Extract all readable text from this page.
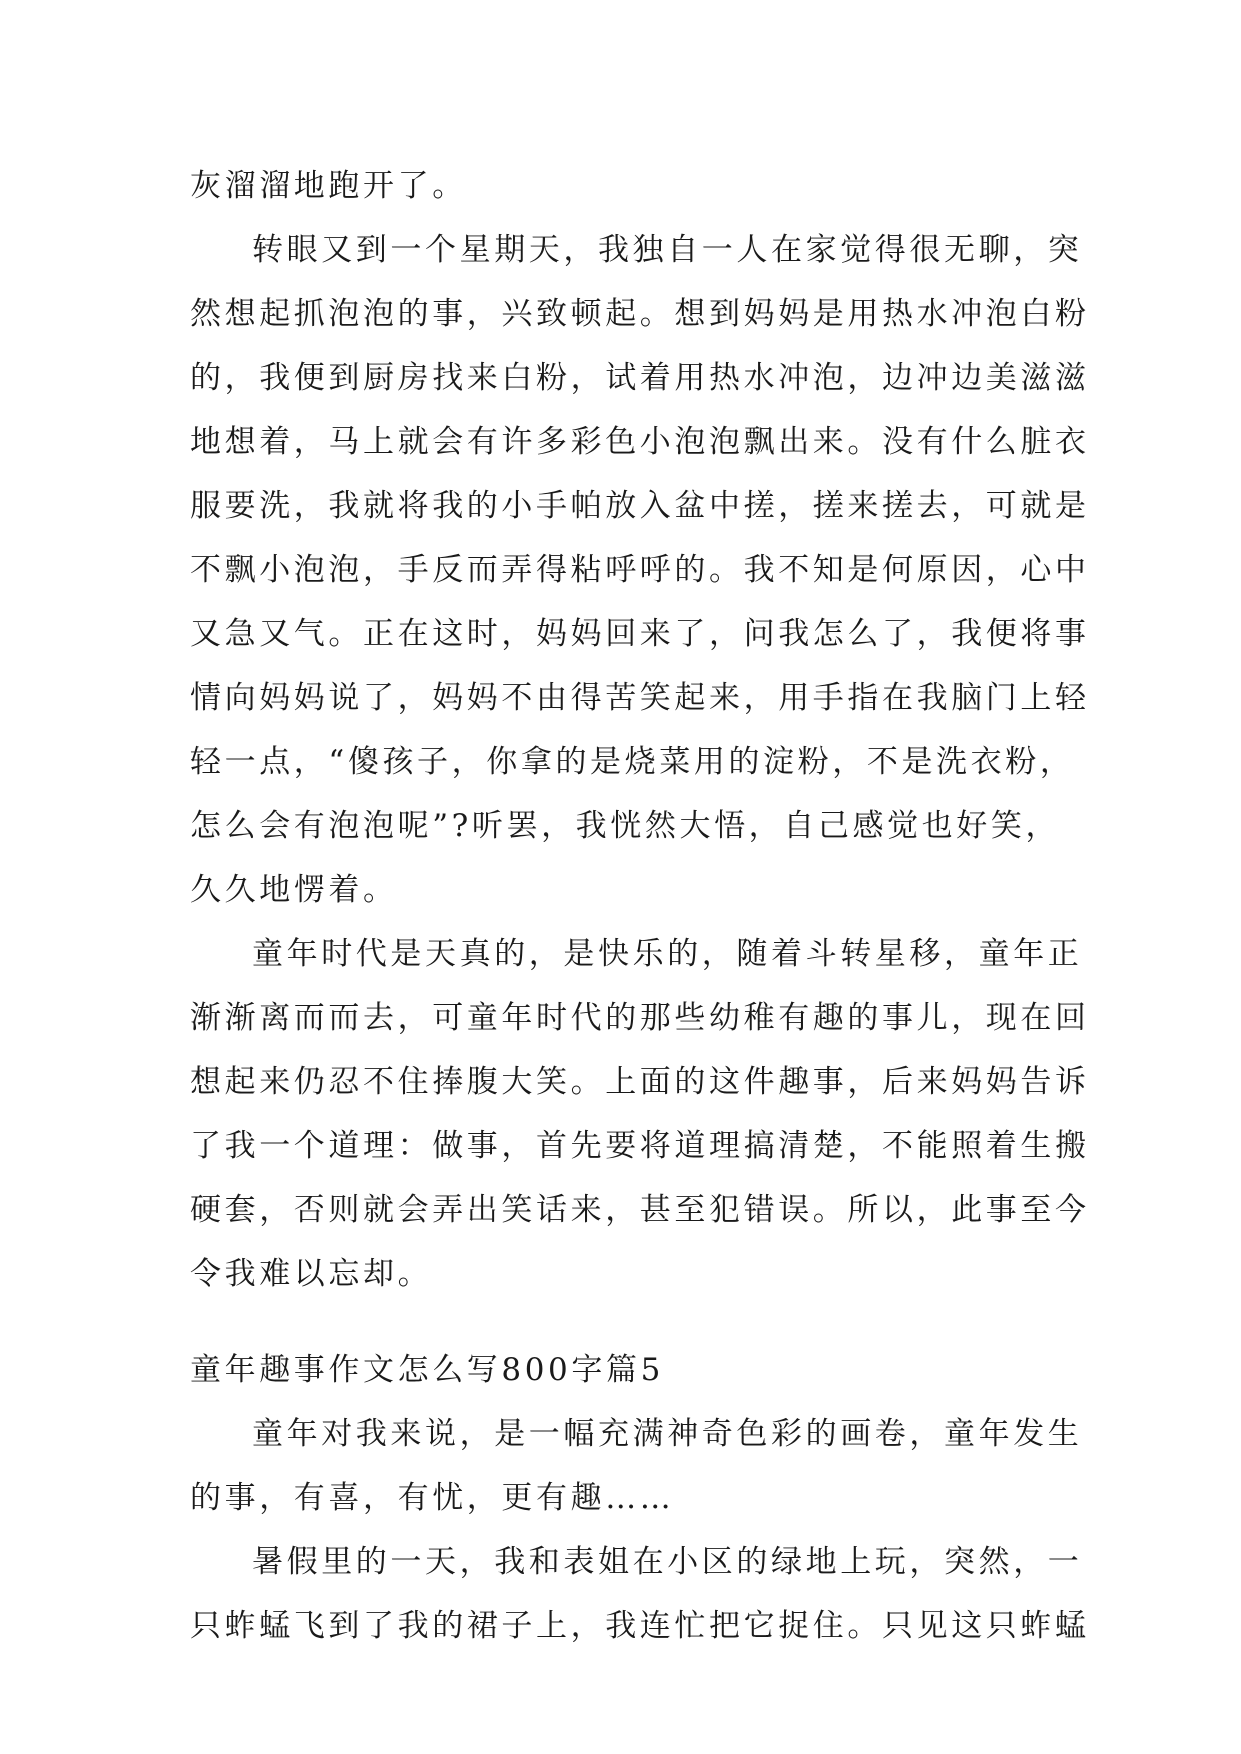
灰溜溜地跑开了。
转眼又到一个星期天，我独自一人在家觉得很无聊，突
然想起抓泡泡的事，兴致顿起。想到妈妈是用热水冲泡白粉
的，我便到厨房找来白粉，试着用热水冲泡，边冲边美滋滋
地想着，马上就会有许多彩色小泡泡飘出来。没有什么脏衣
服要洗，我就将我的小手帕放入盆中搓，搓来搓去，可就是
不飘小泡泡，手反而弄得粘呼呼的。我不知是何原因，心中
又急又气。正在这时，妈妈回来了，问我怎么了，我便将事
情向妈妈说了，妈妈不由得苦笑起来，用手指在我脑门上轻
轻一点，“傻孩子，你拿的是烧菜用的淀粉，不是洗衣粉，
怎么会有泡泡呢”?听罢，我恍然大悟，自己感觉也好笑，
久久地愣着。
童年时代是天真的，是快乐的，随着斗转星移，童年正
渐渐离而而去，可童年时代的那些幼稚有趣的事儿，现在回
想起来仍忍不住捧腹大笑。上面的这件趣事，后来妈妈告诉
了我一个道理：做事，首先要将道理搞清楚，不能照着生搬
硬套，否则就会弄出笑话来，甚至犯错误。所以，此事至今
令我难以忘却。
童年趣事作文怎么写800字篇5
童年对我来说，是一幅充满神奇色彩的画卷，童年发生
的事，有喜，有忧，更有趣……
暑假里的一天，我和表姐在小区的绿地上玩，突然，一
只蚱蜢飞到了我的裙子上，我连忙把它捉住。只见这只蚱蜢
